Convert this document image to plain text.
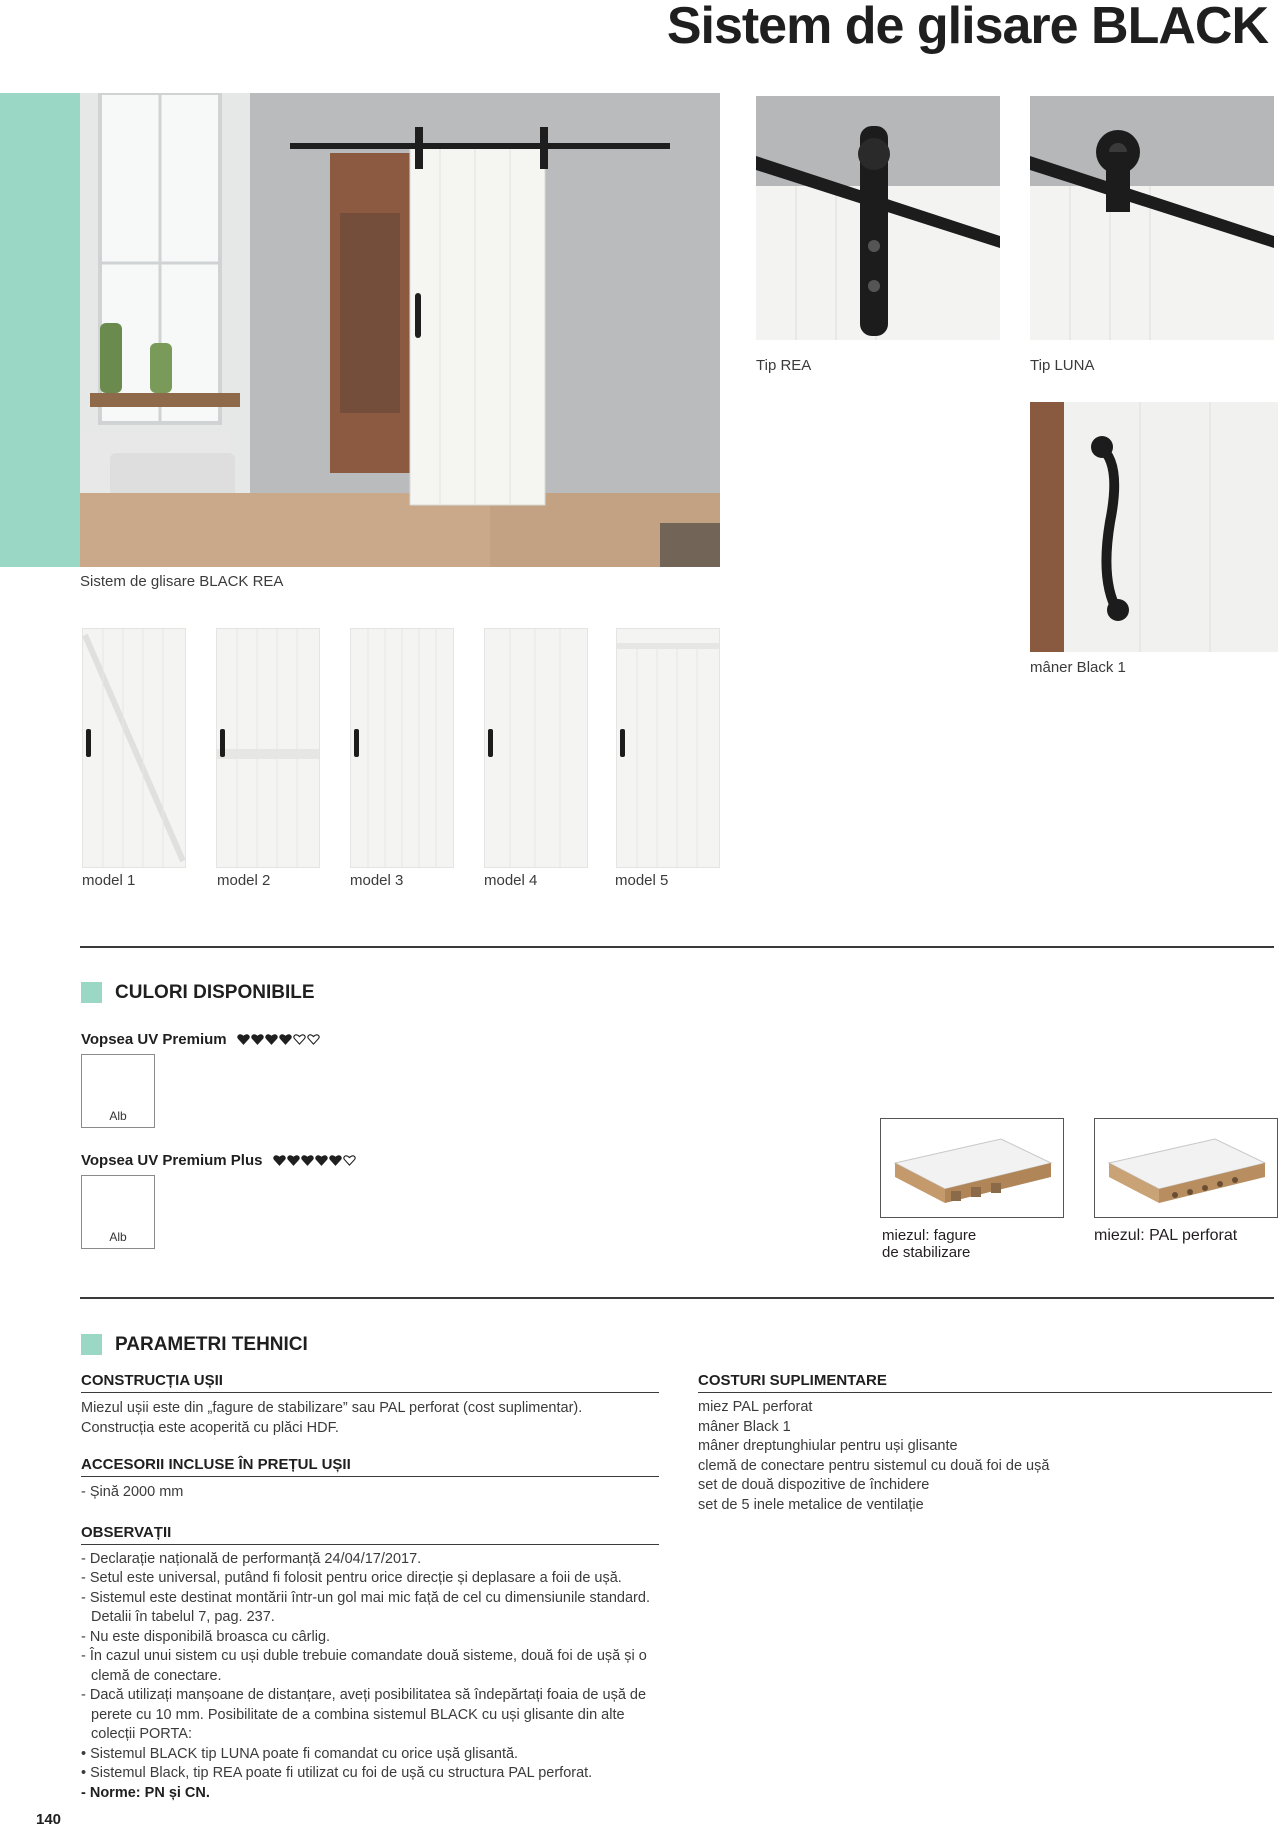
Sistem de glisare BLACK
Sistem de glisare BLACK REA
Tip REA	Tip LUNA
mâner Black 1
model 1	model 2	model 3	model 4	model 5
CULORI DISPONIBILE
Vopsea UV Premium
Alb
Vopsea UV Premium Plus
Alb	miezul: fagure
de stabilizare
miezul: PAL perforat
PARAMETRI TEHNICI
CONSTRUCȚIA UȘII
Miezul ușii este din „fagure de stabilizare” sau PAL perforat (cost suplimentar). Construcția este acoperită cu plăci HDF.
ACCESORII INCLUSE ÎN PREȚUL UȘII
- Șină 2000 mm
OBSERVAȚII
- Declarație națională de performanță 24/04/17/2017.
- Setul este universal, putând fi folosit pentru orice direcție și deplasare a foii de ușă.
- Sistemul este destinat montării într-un gol mai mic față de cel cu dimensiunile standard. Detalii în tabelul 7, pag. 237.
- Nu este disponibilă broasca cu cârlig.
- În cazul unui sistem cu uși duble trebuie comandate două sisteme, două foi de ușă și o clemă de conectare.
- Dacă utilizați manșoane de distanțare, aveți posibilitatea să îndepărtați foaia de ușă de perete cu 10 mm. Posibilitate de a combina sistemul BLACK cu uși glisante din alte colecții PORTA:
• Sistemul BLACK tip LUNA poate fi comandat cu orice ușă glisantă.
• Sistemul Black, tip REA poate fi utilizat cu foi de ușă cu structura PAL perforat.
- Norme: PN și CN.
COSTURI SUPLIMENTARE
miez PAL perforat
mâner Black 1
mâner dreptunghiular pentru uși glisante
clemă de conectare pentru sistemul cu două foi de ușă
set de două dispozitive de închidere
set de 5 inele metalice de ventilație
140
